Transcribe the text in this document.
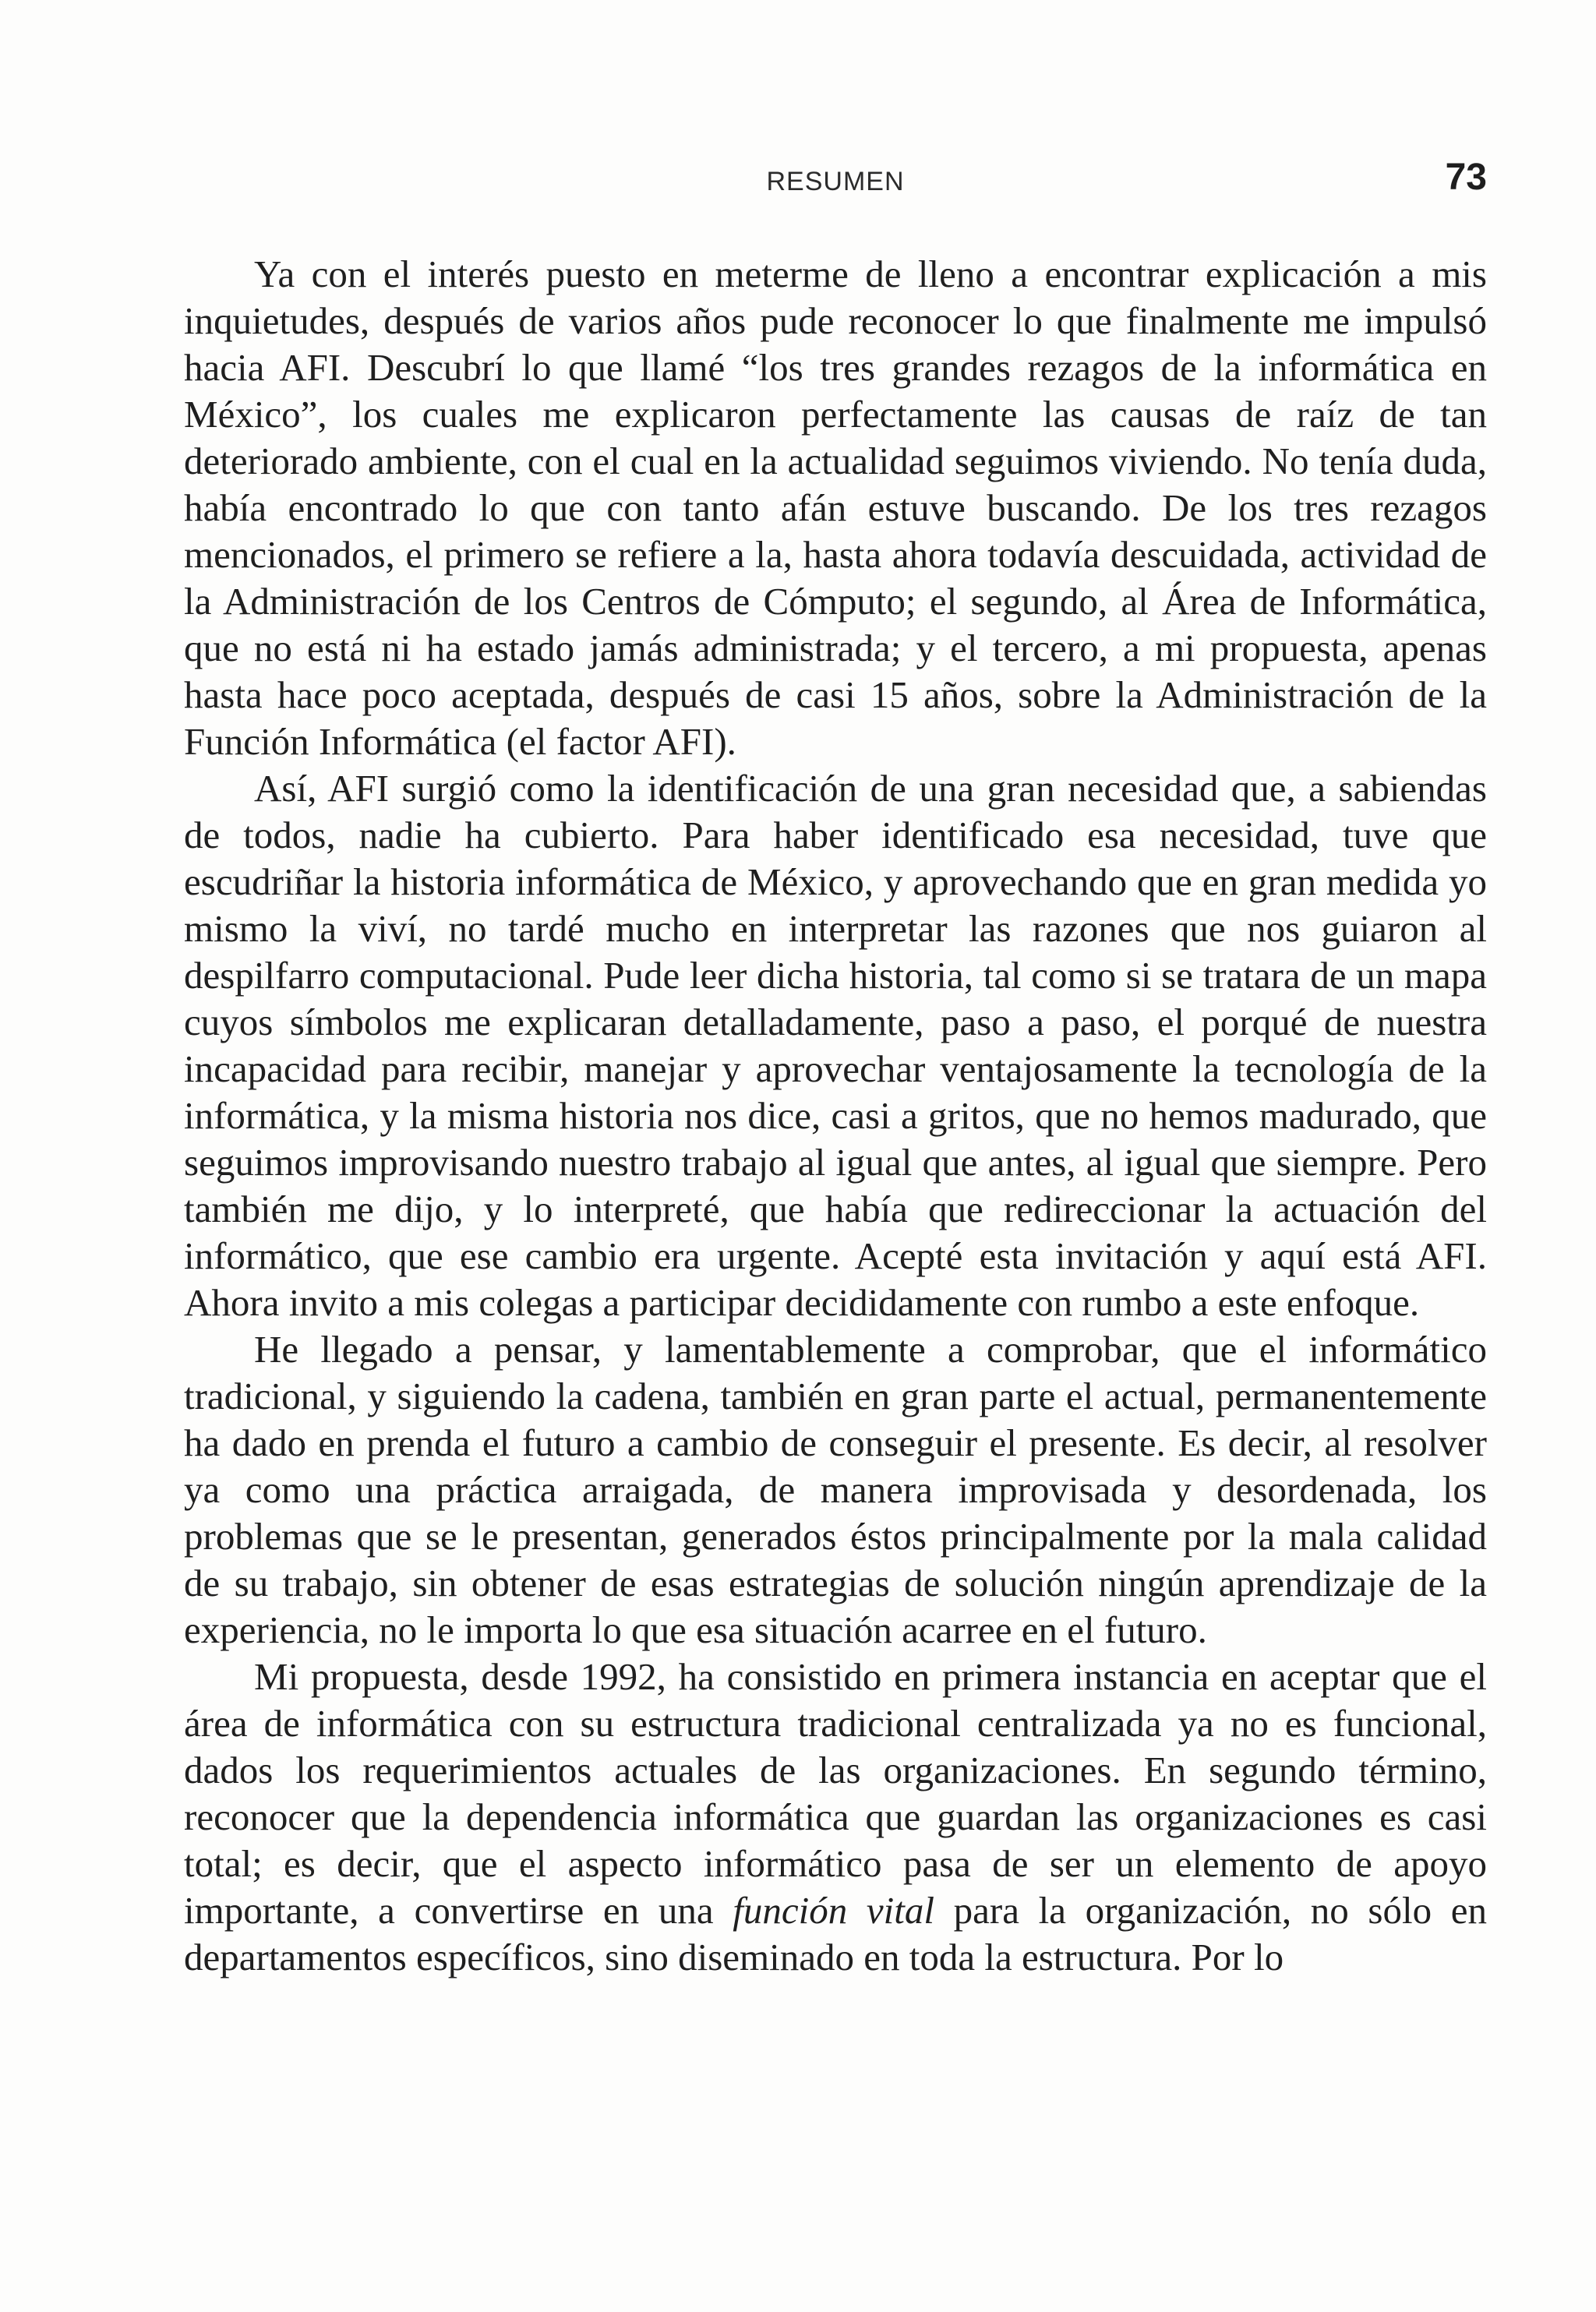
RESUMEN	73

Ya con el interés puesto en meterme de lleno a encontrar explicación a mis inquietudes, después de varios años pude reconocer lo que finalmente me impulsó hacia AFI. Descubrí lo que llamé “los tres grandes rezagos de la informática en México”, los cuales me explicaron perfectamente las causas de raíz de tan deteriorado ambiente, con el cual en la actualidad seguimos viviendo. No tenía duda, había encontrado lo que con tanto afán estuve buscando. De los tres rezagos mencionados, el primero se refiere a la, hasta ahora todavía descuidada, actividad de la Administración de los Centros de Cómputo; el segundo, al Área de Informática, que no está ni ha estado jamás administrada; y el tercero, a mi propuesta, apenas hasta hace poco aceptada, después de casi 15 años, sobre la Administración de la Función Informática (el factor AFI).

Así, AFI surgió como la identificación de una gran necesidad que, a sabiendas de todos, nadie ha cubierto. Para haber identificado esa necesidad, tuve que escudriñar la historia informática de México, y aprovechando que en gran medida yo mismo la viví, no tardé mucho en interpretar las razones que nos guiaron al despilfarro computacional. Pude leer dicha historia, tal como si se tratara de un mapa cuyos símbolos me explicaran detalladamente, paso a paso, el porqué de nuestra incapacidad para recibir, manejar y aprovechar ventajosamente la tecnología de la informática, y la misma historia nos dice, casi a gritos, que no hemos madurado, que seguimos improvisando nuestro trabajo al igual que antes, al igual que siempre. Pero también me dijo, y lo interpreté, que había que redireccionar la actuación del informático, que ese cambio era urgente. Acepté esta invitación y aquí está AFI. Ahora invito a mis colegas a participar decididamente con rumbo a este enfoque.

He llegado a pensar, y lamentablemente a comprobar, que el informático tradicional, y siguiendo la cadena, también en gran parte el actual, permanentemente ha dado en prenda el futuro a cambio de conseguir el presente. Es decir, al resolver ya como una práctica arraigada, de manera improvisada y desordenada, los problemas que se le presentan, generados éstos principalmente por la mala calidad de su trabajo, sin obtener de esas estrategias de solución ningún aprendizaje de la experiencia, no le importa lo que esa situación acarree en el futuro.

Mi propuesta, desde 1992, ha consistido en primera instancia en aceptar que el área de informática con su estructura tradicional centralizada ya no es funcional, dados los requerimientos actuales de las organizaciones. En segundo término, reconocer que la dependencia informática que guardan las organizaciones es casi total; es decir, que el aspecto informático pasa de ser un elemento de apoyo importante, a convertirse en una función vital para la organización, no sólo en departamentos específicos, sino diseminado en toda la estructura. Por lo
